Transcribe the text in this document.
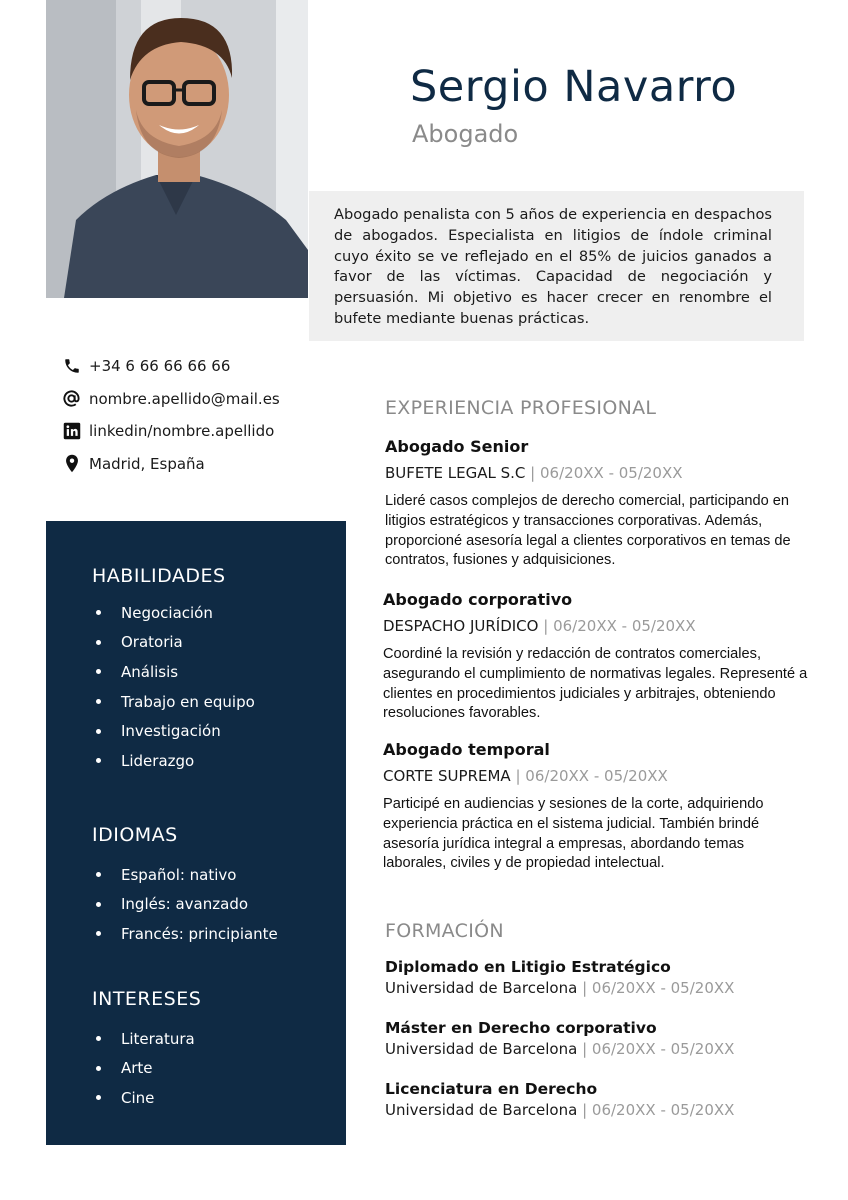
Sergio Navarro
Abogado

Abogado penalista con 5 años de experiencia en despachos de abogados. Especialista en litigios de índole criminal cuyo éxito se ve reflejado en el 85% de juicios ganados a favor de las víctimas. Capacidad de negociación y persuasión. Mi objetivo es hacer crecer en renombre el bufete mediante buenas prácticas.

+34 6 66 66 66 66
nombre.apellido@mail.es
linkedin/nombre.apellido
Madrid, España
HABILIDADES
Negociación
Oratoria
Análisis
Trabajo en equipo
Investigación
Liderazgo
IDIOMAS
Español: nativo
Inglés: avanzado
Francés: principiante
INTERESES
Literatura
Arte
Cine
EXPERIENCIA PROFESIONAL
Abogado Senior
BUFETE LEGAL S.C | 06/20XX - 05/20XX
Lideré casos complejos de derecho comercial, participando en litigios estratégicos y transacciones corporativas. Además, proporcioné asesoría legal a clientes corporativos en temas de contratos, fusiones y adquisiciones.
Abogado corporativo
DESPACHO JURÍDICO | 06/20XX - 05/20XX
Coordiné la revisión y redacción de contratos comerciales, asegurando el cumplimiento de normativas legales. Representé a clientes en procedimientos judiciales y arbitrajes, obteniendo resoluciones favorables.
Abogado temporal
CORTE SUPREMA | 06/20XX - 05/20XX
Participé en audiencias y sesiones de la corte, adquiriendo experiencia práctica en el sistema judicial. También brindé asesoría jurídica integral a empresas, abordando temas laborales, civiles y de propiedad intelectual.
FORMACIÓN
Diplomado en Litigio Estratégico
Universidad de Barcelona | 06/20XX - 05/20XX
Máster en Derecho corporativo
Universidad de Barcelona | 06/20XX - 05/20XX
Licenciatura en Derecho
Universidad de Barcelona | 06/20XX - 05/20XX
